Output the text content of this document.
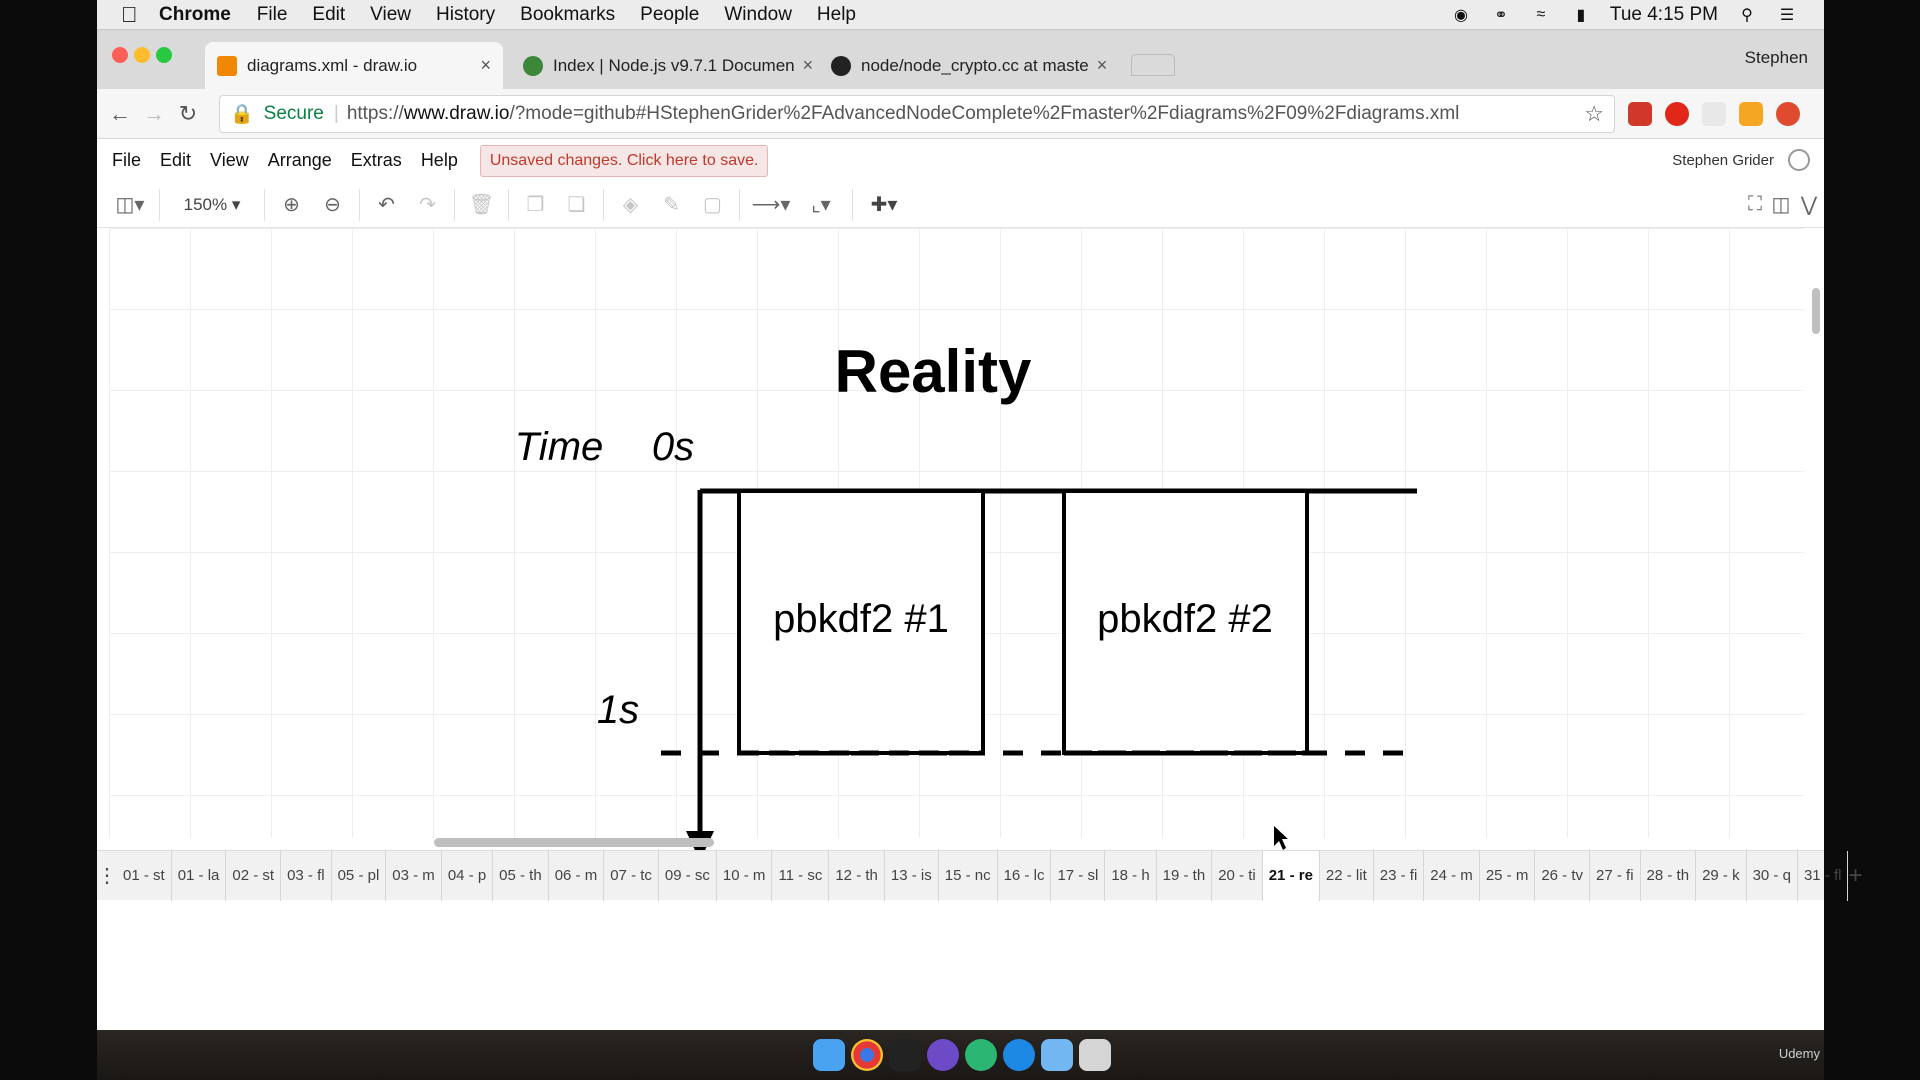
Chrome File Edit View History Bookmarks People Window Help	◉ ⚭	≈	▮	Tue 4:15 PM	⚲	☰
diagrams.xml - draw.io	×	Index | Node.js v9.7.1 Documen ×	node/node_crypto.cc at maste ×	Stephen
← → ↻	🔒 Secure | https:// www.draw.io /?mode=github#HStephenGrider%2FAdvancedNodeComplete%2Fmaster%2Fdiagrams%2F09%2Fdiagrams.xml	☆
File Edit View Arrange Extras Help	Unsaved changes. Click here to save.	Stephen Grider
◫▾	150% ▾	⊕	⊖	↶	↷	🗑	❐	❏	◈	✎	▢	⟶▾	⌞▾	✚▾	⛶ ◫ ⋁
Reality
Time 0s
1s
pbkdf2 #1	pbkdf2 #2
⋮ 01 - st 01 - la 02 - st 03 - fl 05 - pl 03 - m 04 - p 05 - th 06 - m 07 - tc 09 - sc 10 - m 11 - sc 12 - th 13 - is 15 - nc 16 - lc 17 - sl 18 - h 19 - th 20 - ti 21 - re 22 - lit 23 - fi 24 - m 25 - m 26 - tv 27 - fi 28 - th 29 - k 30 - q 31 - fl +
Udemy
